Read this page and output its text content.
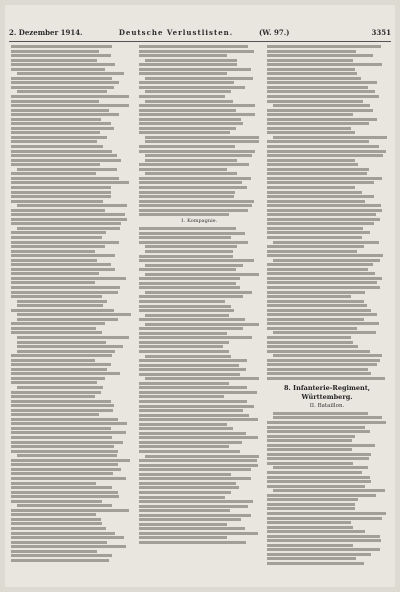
2. Dezember 1914.	Deutsche Verlustlisten.	(W. 97.)	3351
1. Kompagnie.
8. Infanterie-Regiment, Württemberg.
II. Bataillon.
